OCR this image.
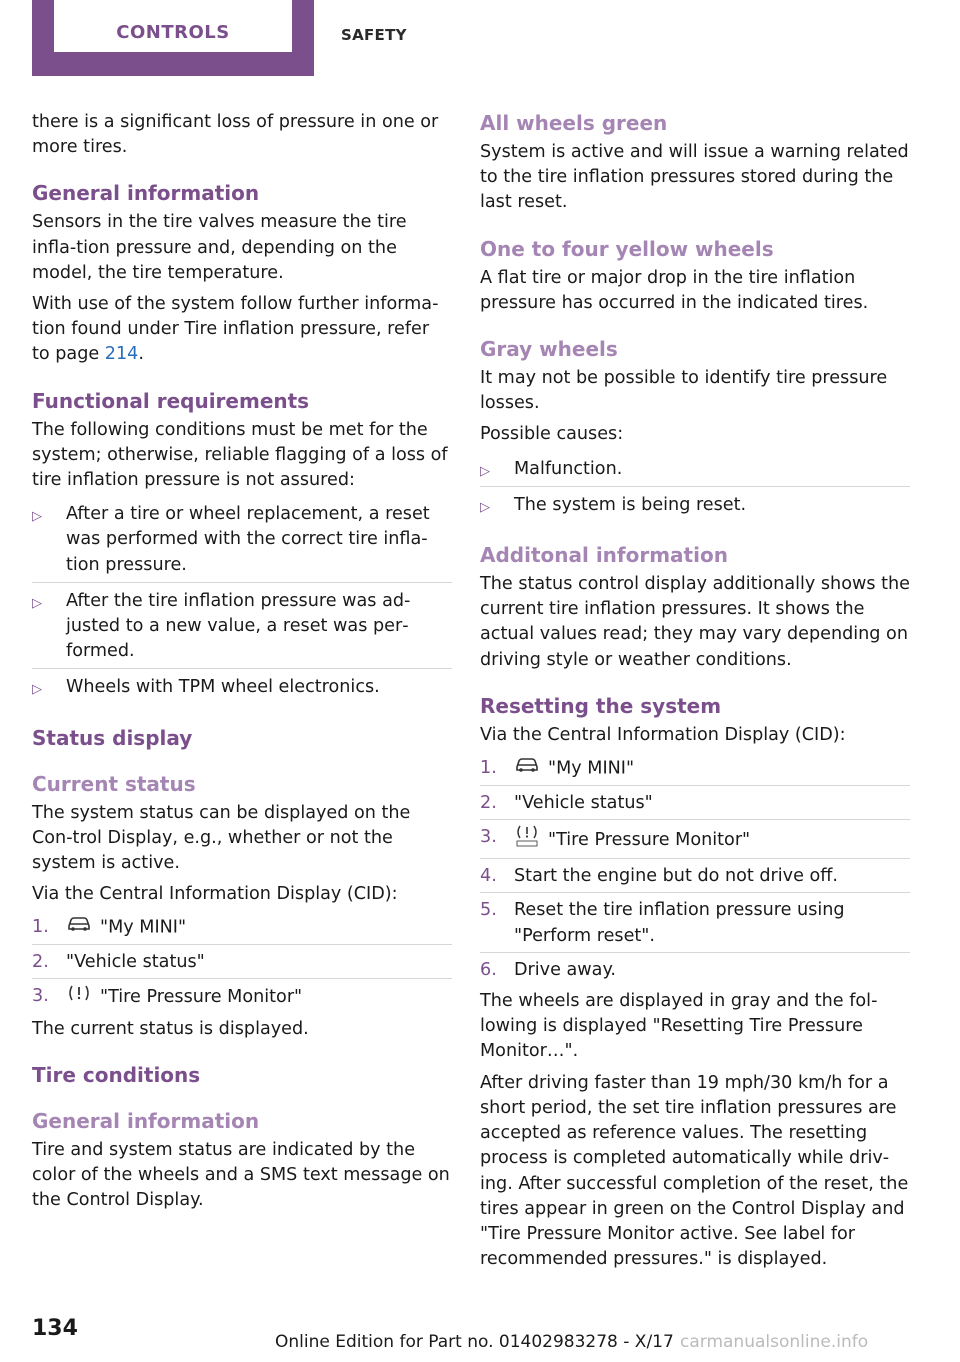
CONTROLS	SAFETY

there is a significant loss of pressure in one or more tires.

General information

Sensors in the tire valves measure the tire infla‐tion pressure and, depending on the model, the tire temperature.

With use of the system follow further informa‐tion found under Tire inflation pressure, refer to page 214.

Functional requirements

The following conditions must be met for the system; otherwise, reliable flagging of a loss of tire inflation pressure is not assured:

▷ After a tire or wheel replacement, a reset was performed with the correct tire infla‐tion pressure.
▷ After the tire inflation pressure was ad‐justed to a new value, a reset was per‐formed.
▷ Wheels with TPM wheel electronics.
Status display
Current status

The system status can be displayed on the Con‐trol Display, e.g., whether or not the system is active.

Via the Central Information Display (CID):

1.	"My MINI"
2. "Vehicle status"
3.	"Tire Pressure Monitor"

The current status is displayed.

Tire conditions
General information

Tire and system status are indicated by the color of the wheels and a SMS text message on the Control Display.

All wheels green

System is active and will issue a warning related to the tire inflation pressures stored during the last reset.

One to four yellow wheels

A flat tire or major drop in the tire inflation pressure has occurred in the indicated tires.

Gray wheels

It may not be possible to identify tire pressure losses.

Possible causes:

▷ Malfunction.
▷ The system is being reset.
Additonal information

The status control display additionally shows the current tire inflation pressures. It shows the actual values read; they may vary depending on driving style or weather conditions.

Resetting the system

Via the Central Information Display (CID):

1.	"My MINI"
2. "Vehicle status"
3.	"Tire Pressure Monitor"
4. Start the engine but do not drive off.
5. Reset the tire inflation pressure using "Perform reset".
6. Drive away.

The wheels are displayed in gray and the fol‐lowing is displayed "Resetting Tire Pressure Monitor…".

After driving faster than 19 mph/30 km/h for a short period, the set tire inflation pressures are accepted as reference values. The resetting process is completed automatically while driv‐ing. After successful completion of the reset, the tires appear in green on the Control Display and "Tire Pressure Monitor active. See label for recommended pressures." is displayed.

134
Online Edition for Part no. 01402983278 - X/17 carmanualsonline.info
